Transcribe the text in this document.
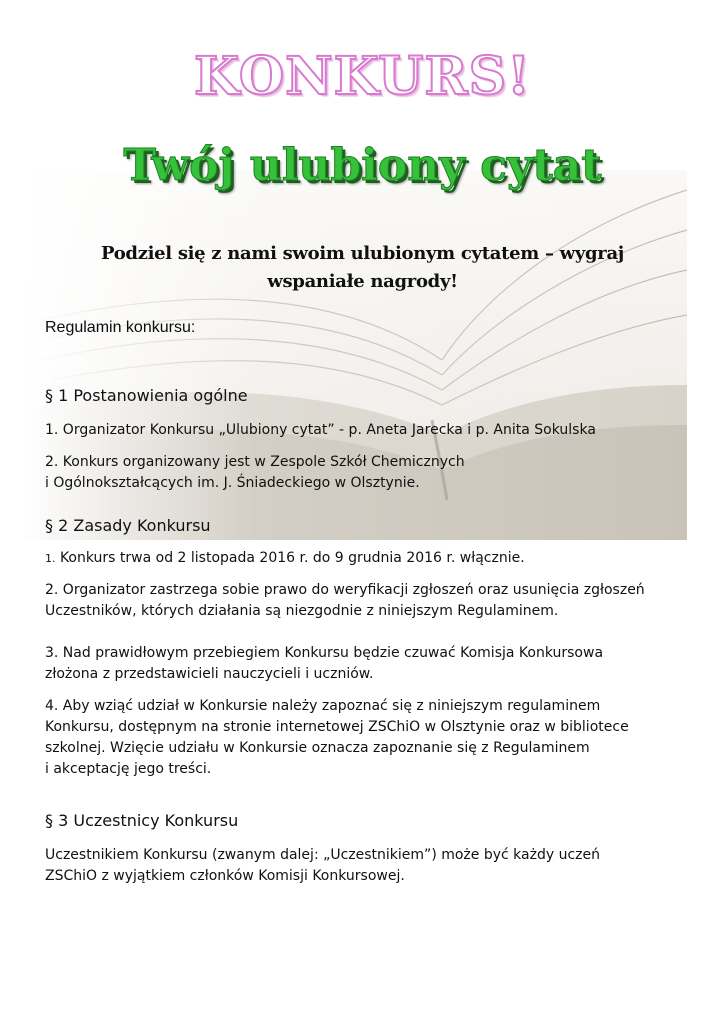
KONKURS!
Twój ulubiony cytat

Podziel się z nami swoim ulubionym cytatem – wygraj wspaniałe nagrody!

Regulamin konkursu:

§ 1 Postanowienia ogólne

1. Organizator Konkursu „Ulubiony cytat” - p. Aneta Jarecka i p. Anita Sokulska

2. Konkurs organizowany jest w Zespole Szkół Chemicznych

i Ogólnokształcących im. J. Śniadeckiego w Olsztynie.

§ 2 Zasady Konkursu

1. Konkurs trwa od 2 listopada 2016 r. do 9 grudnia 2016 r. włącznie.

2. Organizator zastrzega sobie prawo do weryfikacji zgłoszeń oraz usunięcia zgłoszeń

Uczestników, których działania są niezgodnie z niniejszym Regulaminem.

3. Nad prawidłowym przebiegiem Konkursu będzie czuwać Komisja Konkursowa

złożona z przedstawicieli nauczycieli i uczniów.

4. Aby wziąć udział w Konkursie należy zapoznać się z niniejszym regulaminem

Konkursu, dostępnym na stronie internetowej ZSChiO w Olsztynie oraz w bibliotece

szkolnej. Wzięcie udziału w Konkursie oznacza zapoznanie się z Regulaminem

i akceptację jego treści.

§ 3 Uczestnicy Konkursu

Uczestnikiem Konkursu (zwanym dalej: „Uczestnikiem”) może być każdy uczeń

ZSChiO z wyjątkiem członków Komisji Konkursowej.
